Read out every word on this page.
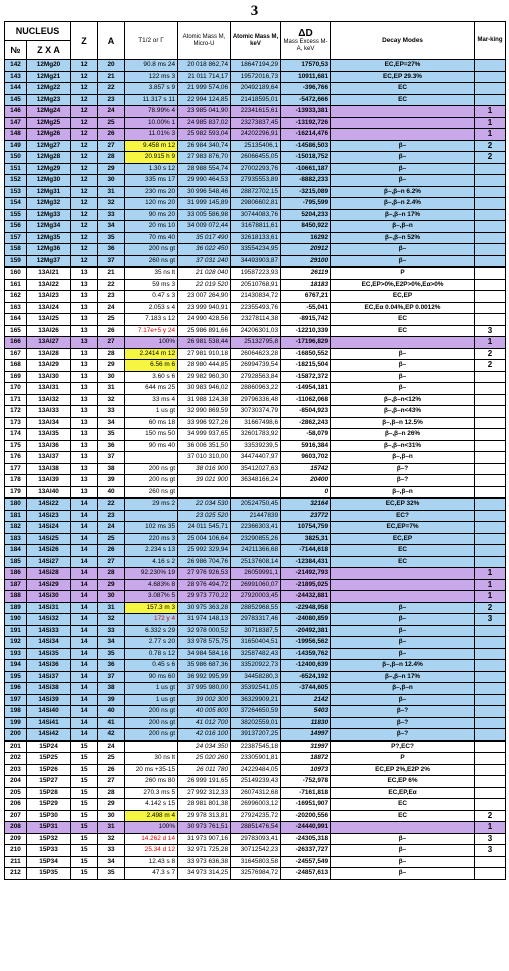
3
NUCLEUS		Z	A	T1/2 or Γ	Atomic Mass M, Micro-U	Atomic Mass M, keV	ΔD
Mass Excess M-A, keV	Decay Modes	Mar-king
№	Z X A								
142	12Mg20	12	20	90.8 ms 24	20 018 862,74	18647194,29	17570,53	EC,EP=27%	
143	12Mg21	12	21	122 ms 3	21 011 714,17	19572016,73	10911,681	EC,EP 29.3%	
144	12Mg22	12	22	3.857 s 9	21 999 574,06	20492189,64	-396,766	EC	
145	12Mg23	12	23	11.317 s 11	22 994 124,85	21418595,01	-5472,666	EC	
146	12Mg24	12	24	78.99% 4	23 985 041,90	22341615,61	-13933,381		1
147	12Mg25	12	25	10.00% 1	24 985 837,02	23273837,45	-13192,726		1
148	12Mg26	12	26	11.01% 3	25 982 593,04	24202296,91	-16214,476		1
149	12Mg27	12	27	9.458 m 12	26 984 340,74	25135406,1	-14586,503	β–	2
150	12Mg28	12	28	20.915 h 9	27 983 876,70	26066455,05	-15018,752	β–	2
151	12Mg29	12	29	1.30 s 12	28 988 554,74	27002293,76	-10661,187	β–	
152	12Mg30	12	30	335 ms 17	29 990 464,53	27935553,89	-8882,233	β–	
153	12Mg31	12	31	230 ms 20	30 996 548,46	28872702,15	-3215,089	β–,β–n 6.2%	
154	12Mg32	12	32	120 ms 20	31 999 145,89	29806602,81	-795,599	β–,β–n 2.4%	
155	12Mg33	12	33	90 ms 20	33 005 586,98	30744083,76	5204,233	β–,β–n 17%	
156	12Mg34	12	34	20 ms 10	34 009 072,44	31678811,61	8450,922	β–,β–n	
157	12Mg35	12	35	70 ms 40	35 017 490	32618133,61	16292	β–,β–n 52%	
158	12Mg36	12	36	200 ns gt	36 022 450	33554234,95	20912	β–	
159	12Mg37	12	37	260 ns gt	37 031 240	34493903,87	29100	β–	
160	13Al21	13	21	35 ns lt	21 028 040	19587223,93	26119	P	
161	13Al22	13	22	59 ms 3	22 019 520	20510768,91	18183	EC,EP>0%,E2P>0%,Eα>0%	
162	13Al23	13	23	0.47 s 3	23 007 264,90	21430834,72	6767,21	EC,EP	
163	13Al24	13	24	2.053 s 4	23 999 940,91	22355493,76	-55,041	EC,Eα 0.04%,EP 0.0012%	
164	13Al25	13	25	7.183 s 12	24 990 428,56	23278114,38	-8915,742	EC	
165	13Al26	13	26	7.17e+5 y 24	25 986 891,66	24206301,03	-12210,339	EC	3
166	13Al27	13	27	100%	26 981 538,44	25132795,8	-17196,829		1
167	13Al28	13	28	2.2414 m 12	27 981 910,18	26064623,28	-16850,552	β–	2
168	13Al29	13	29	6.56 m 6	28 980 444,85	26994739,54	-18215,504	β–	2
169	13Al30	13	30	3.60 s 6	29 982 960,30	27928563,84	-15872,372	β–	
170	13Al31	13	31	644 ms 25	30 983 946,02	28860963,22	-14954,181	β–	
171	13Al32	13	32	33 ms 4	31 988 124,38	29796336,48	-11062,068	β–,β–n<12%	
172	13Al33	13	33	1 us gt	32 990 869,59	30730374,79	-8504,923	β–,β–n<43%	
173	13Al34	13	34	60 ms 18	33 996 927,26	31667498,6	-2862,243	β–,β–n 12.5%	
174	13Al35	13	35	150 ms 50	34 999 937,65	32601783,92	-58,079	β–,β–n 26%	
175	13Al36	13	36	90 ms 40	36 006 351,50	33539239,5	5916,384	β–,β–n<31%	
176	13Al37	13	37		37 010 310,00	34474407,97	9603,702	β–,β–n	
177	13Al38	13	38	200 ns gt	38 016 900	35412027,63	15742	β–?	
178	13Al39	13	39	200 ns gt	39 021 900	36348166,24	20400	β–?	
179	13Al40	13	40	260 ns gt			0	β–,β–n	
180	14Si22	14	22	29 ms 2	22 034 530	20524750,45	32164	EC,EP 32%	
181	14Si23	14	23		23 025 520	21447839	23772	EC?	
182	14Si24	14	24	102 ms 35	24 011 545,71	22366303,41	10754,759	EC,EP=7%	
183	14Si25	14	25	220 ms 3	25 004 106,64	23290855,26	3825,31	EC,EP	
184	14Si26	14	26	2.234 s 13	25 992 329,94	24211366,68	-7144,618	EC	
185	14Si27	14	27	4.16 s 2	26 986 704,76	25137608,14	-12384,431	EC	
186	14Si28	14	28	92.230% 19	27 976 926,53	26059991,1	-21492,793		1
187	14Si29	14	29	4.683% 8	28 976 494,72	26991060,07	-21895,025		1
188	14Si30	14	30	3.087% 5	29 973 770,22	27920003,45	-24432,881		1
189	14Si31	14	31	157.3 m 3	30 975 363,28	28852968,55	-22948,958	β–	2
190	14Si32	14	32	172 y 4	31 974 148,13	29783317,46	-24080,859	β–	3
191	14Si33	14	33	6.332 s 29	32 978 000,52	30718387,5	-20492,381	β–	
192	14Si34	14	34	2.77 s 20	33 978 575,75	31650404,51	-19956,562	β–	
193	14Si35	14	35	0.78 s 12	34 984 584,16	32587482,43	-14359,762	β–	
194	14Si36	14	36	0.45 s 6	35 986 687,36	33520922,73	-12400,639	β–,β–n 12.4%	
195	14Si37	14	37	90 ms 60	36 992 995,99	34458280,3	-6524,192	β–,β–n 17%	
196	14Si38	14	38	1 us gt	37 995 980,00	35392541,05	-3744,605	β–,β–n	
197	14Si39	14	39	1 us gt	39 002 300	36329909,21	2142	β–	
198	14Si40	14	40	200 ns gt	40 005 800	37264650,59	5403	β–?	
199	14Si41	14	41	200 ns gt	41 012 700	38202559,01	11830	β–?	
200	14Si42	14	42	200 ns gt	42 016 100	39137207,25	14997	β–?	
201	15P24	15	24		24 034 350	22387545,18	31997	P?,EC?	
202	15P25	15	25	30 ns lt	25 020 260	23305901,81	18872	P	
203	15P26	15	26	20 ms +35-15	26 011 780	24229484,05	10973	EC,EP 2%,E2P 2%	
204	15P27	15	27	260 ms 80	26 999 191,65	25149239,43	-752,978	EC,EP 6%	
205	15P28	15	28	270.3 ms 5	27 992 312,33	26074312,68	-7161,818	EC,EP,Eα	
206	15P29	15	29	4.142 s 15	28 981 801,38	26996003,12	-16951,907	EC	
207	15P30	15	30	2.498 m 4	29 978 313,81	27924235,72	-20200,556	EC	2
208	15P31	15	31	100%	30 973 761,51	28851476,54	-24440,991		1
209	15P32	15	32	14.262 d 14	31 973 907,16	29783093,41	-24305,318	β–	3
210	15P33	15	33	25.34 d 12	32 971 725,28	30712542,23	-26337,727	β–	3
211	15P34	15	34	12.43 s 8	33 973 636,38	31645803,58	-24557,549	β–	
212	15P35	15	35	47.3 s 7	34 973 314,25	32576984,72	-24857,613	β–	
